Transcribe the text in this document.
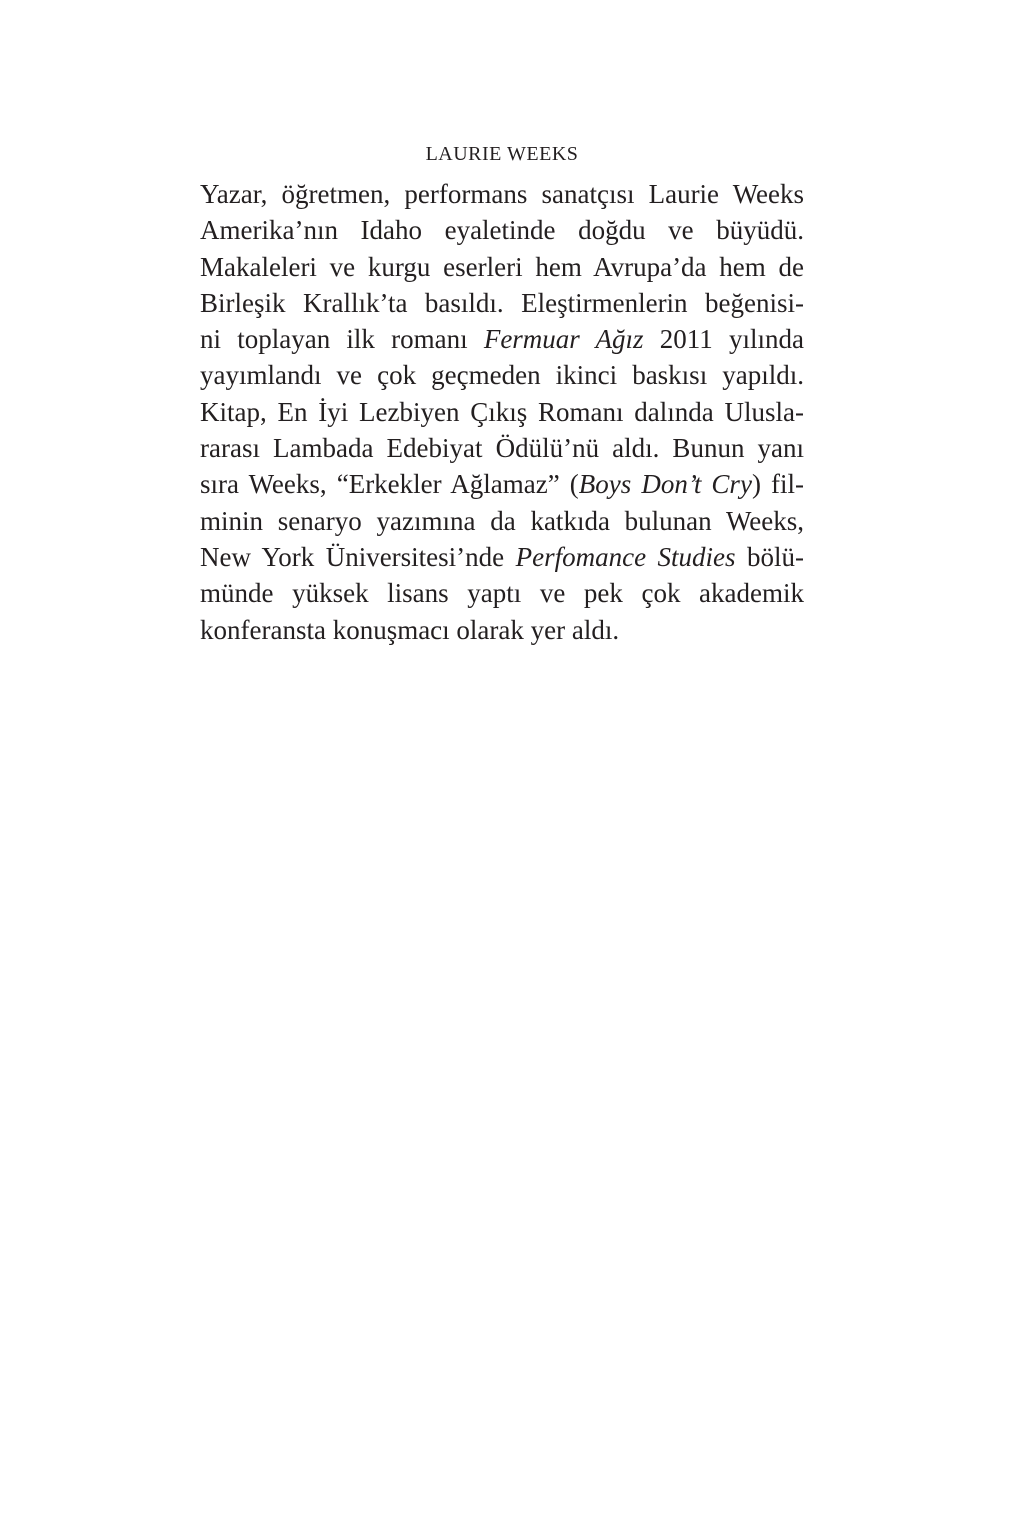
LAURIE WEEKS
Yazar, öğretmen, performans sanatçısı Laurie Weeks
Amerika’nın Idaho eyaletinde doğdu ve büyüdü.
Makaleleri ve kurgu eserleri hem Avrupa’da hem de
Birleşik Krallık’ta basıldı. Eleştirmenlerin beğenisi-
ni toplayan ilk romanı Fermuar Ağız 2011 yılında
yayımlandı ve çok geçmeden ikinci baskısı yapıldı.
Kitap, En İyi Lezbiyen Çıkış Romanı dalında Ulusla-
rarası Lambada Edebiyat Ödülü’nü aldı. Bunun yanı
sıra Weeks, “Erkekler Ağlamaz” (Boys Don’t Cry) fil-
minin senaryo yazımına da katkıda bulunan Weeks,
New York Üniversitesi’nde Perfomance Studies bölü-
münde yüksek lisans yaptı ve pek çok akademik
konferansta konuşmacı olarak yer aldı.
